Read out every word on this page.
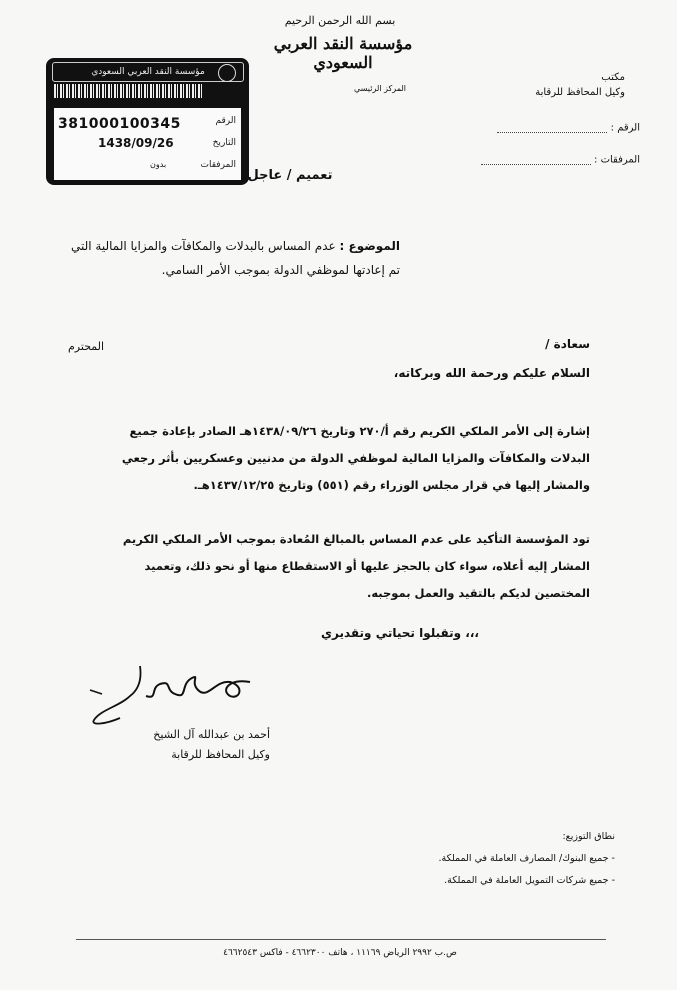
بسم الله الرحمن الرحيم
مؤسسة النقد العربي السعودي
المركز الرئيسي
مكتب
وكيل المحافظ للرقابة
الرقم :
المرفقات :
مؤسسة النقد العربي السعودي
الرقم
381000100345
التاريخ
1438/09/26
المرفقات
بدون
تعميم / عاجل
الموضوع : عدم المساس بالبدلات والمكافآت والمزايا المالية التي
تم إعادتها لموظفي الدولة بموجب الأمر السامي.
سعادة /
المحترم
السلام عليكم ورحمة الله وبركاته،
إشارة إلى الأمر الملكي الكريم رقم أ/٢٧٠ وتاريخ ١٤٣٨/٠٩/٢٦هـ الصادر بإعادة جميع البدلات والمكافآت والمزايا المالية لموظفي الدولة من مدنيين وعسكريين بأثر رجعي والمشار إليها في قرار مجلس الوزراء رقم (٥٥١) وتاريخ ١٤٣٧/١٢/٢٥هـ.
تود المؤسسة التأكيد على عدم المساس بالمبالغ المُعادة بموجب الأمر الملكي الكريم المشار إليه أعلاه، سواء كان بالحجز عليها أو الاستقطاع منها أو نحو ذلك، وتعميد المختصين لديكم بالتقيد والعمل بموجبه.
وتقبلوا تحياتي وتقديري ،،،
أحمد بن عبدالله آل الشيخ
وكيل المحافظ للرقابة
نطاق التوزيع:
- جميع البنوك/ المصارف العاملة في المملكة.
- جميع شركات التمويل العاملة في المملكة.
ص.ب ٢٩٩٢ الرياض ١١١٦٩ ، هاتف ٤٦٦٢٣٠٠ - فاكس ٤٦٦٢٥٤٣
